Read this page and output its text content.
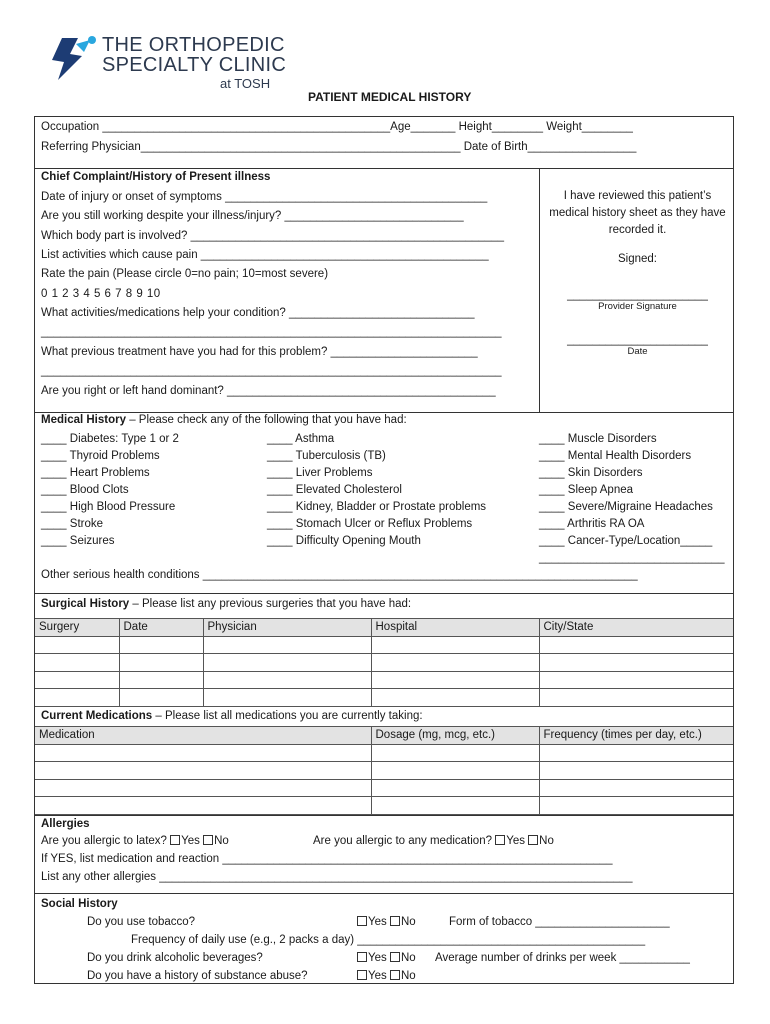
THE ORTHOPEDIC
SPECIALTY CLINIC
at TOSH
PATIENT MEDICAL HISTORY
Occupation _____________________________________________Age_______ Height________ Weight________
Referring Physician__________________________________________________ Date of Birth_________________
Chief Complaint/History of Present illness
Date of injury or onset of symptoms _________________________________________
Are you still working despite your illness/injury? ____________________________
Which body part is involved? _________________________________________________
List activities which cause pain _____________________________________________
Rate the pain (Please circle 0=no pain; 10=most severe)
0 1 2 3 4 5 6 7 8 9 10
What activities/medications help your condition? _____________________________
________________________________________________________________________
What previous treatment have you had for this problem? _______________________
________________________________________________________________________
Are you right or left hand dominant? __________________________________________
I have reviewed this patient’s medical history sheet as they have recorded it.
Signed:
______________________
Provider Signature
______________________
Date
Medical History – Please check any of the following that you have had:
____ Diabetes: Type 1 or 2
____ Thyroid Problems
____ Heart Problems
____ Blood Clots
____ High Blood Pressure
____ Stroke
____ Seizures
____ Asthma
____ Tuberculosis (TB)
____ Liver Problems
____ Elevated Cholesterol
____ Kidney, Bladder or Prostate problems
____ Stomach Ulcer or Reflux Problems
____ Difficulty Opening Mouth
____ Muscle Disorders
____ Mental Health Disorders
____ Skin Disorders
____ Sleep Apnea
____ Severe/Migraine Headaches
____ Arthritis RA OA
____ Cancer-Type/Location_____
_____________________________
Other serious health conditions ____________________________________________________________________
Surgical History – Please list any previous surgeries that you have had:
Surgery	Date	Physician	Hospital	City/State

Current Medications – Please list all medications you are currently taking:
Medication	Dosage (mg, mcg, etc.)	Frequency (times per day, etc.)

Allergies
Are you allergic to latex? Yes No	Are you allergic to any medication? Yes No
If YES, list medication and reaction _____________________________________________________________
List any other allergies __________________________________________________________________________
Social History
Do you use tobacco?	Yes No	Form of tobacco _____________________
Frequency of daily use (e.g., 2 packs a day) _____________________________________________
Do you drink alcoholic beverages?	Yes No Average number of drinks per week ___________
Do you have a history of substance abuse?	Yes No
